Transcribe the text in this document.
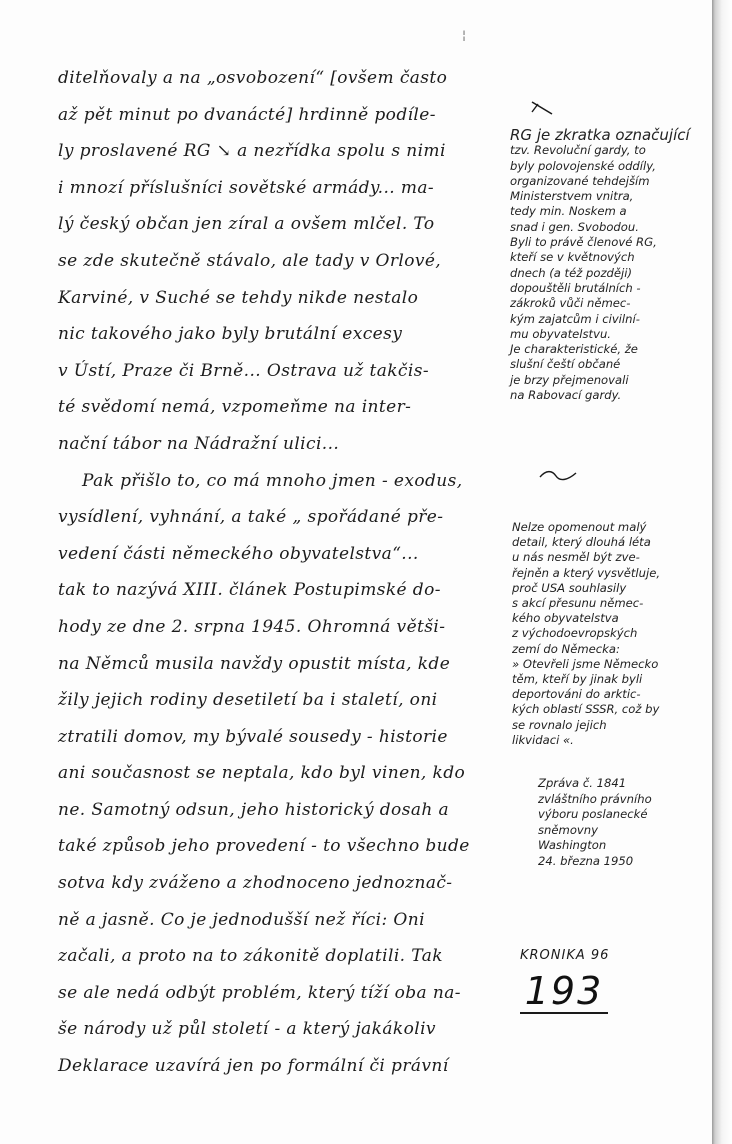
¦
ditelňovaly a na „osvobození“ [ovšem často
až pět minut po dvanácté] hrdinně podíle-
ly proslavené RG ↘ a nezřídka spolu s nimi
i mnozí příslušníci sovětské armády... ma-
lý český občan jen zíral a ovšem mlčel. To
se zde skutečně stávalo, ale tady v Orlové,
Karviné, v Suché se tehdy nikde nestalo
nic takového jako byly brutální excesy
v Ústí, Praze či Brně... Ostrava už takčis-
té svědomí nemá, vzpomeňme na inter-
nační tábor na Nádražní ulici...
Pak přišlo to, co má mnoho jmen - exodus,
vysídlení, vyhnání, a také „ spořádané pře-
vedení části německého obyvatelstva“...
tak to nazývá XIII. článek Postupimské do-
hody ze dne 2. srpna 1945. Ohromná větši-
na Němců musila navždy opustit místa, kde
žily jejich rodiny desetiletí ba i staletí, oni
ztratili domov, my bývalé sousedy - historie
ani současnost se neptala, kdo byl vinen, kdo
ne. Samotný odsun, jeho historický dosah a
také způsob jeho provedení - to všechno bude
sotva kdy zváženo a zhodnoceno jednoznač-
ně a jasně. Co je jednodušší než říci: Oni
začali, a proto na to zákonitě doplatili. Tak
se ale nedá odbýt problém, který tíží oba na-
še národy už půl století - a který jakákoliv
Deklarace uzavírá jen po formální či právní
RG je zkratka označující
tzv. Revoluční gardy, to
byly polovojenské oddíly,
organizované tehdejším
Ministerstvem vnitra,
tedy min. Noskem a
snad i gen. Svobodou.
Byli to právě členové RG,
kteří se v květnových
dnech (a též později)
dopouštěli brutálních -
zákroků vůči němec-
kým zajatcům i civilní-
mu obyvatelstvu.
Je charakteristické, že
slušní čeští občané
je brzy přejmenovali
na Rabovací gardy.
Nelze opomenout malý
detail, který dlouhá léta
u nás nesměl být zve-
řejněn a který vysvětluje,
proč USA souhlasily
s akcí přesunu němec-
kého obyvatelstva
z východoevropských
zemí do Německa:
» Otevřeli jsme Německo
těm, kteří by jinak byli
deportováni do arktic-
kých oblastí SSSR, což by
se rovnalo jejich
likvidaci «.
Zpráva č. 1841
zvláštního právního
výboru poslanecké
sněmovny
Washington
24. března 1950
KRONIKA 96
193
